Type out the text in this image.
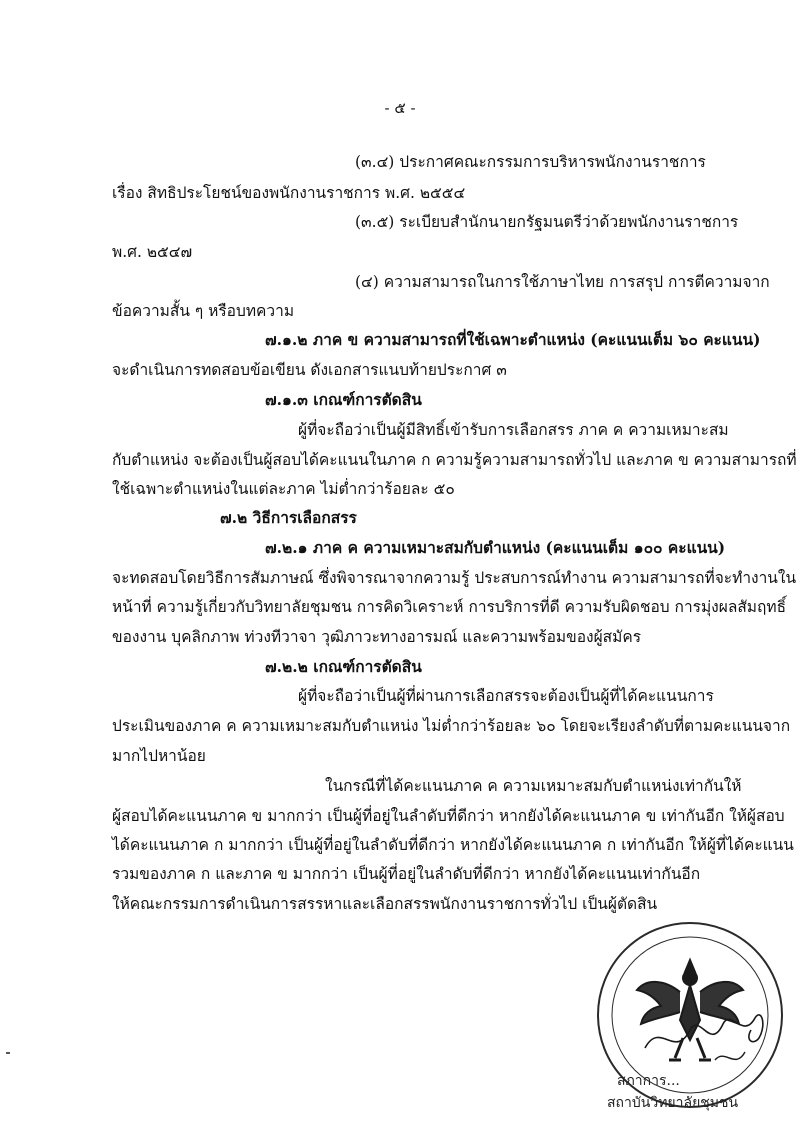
- ๕ -
(๓.๔) ประกาศคณะกรรมการบริหารพนักงานราชการ
เรื่อง สิทธิประโยชน์ของพนักงานราชการ พ.ศ. ๒๕๕๔
(๓.๕) ระเบียบสำนักนายกรัฐมนตรีว่าด้วยพนักงานราชการ
พ.ศ. ๒๕๔๗
(๔) ความสามารถในการใช้ภาษาไทย การสรุป การตีความจาก
ข้อความสั้น ๆ หรือบทความ
๗.๑.๒ ภาค ข ความสามารถที่ใช้เฉพาะตำแหน่ง (คะแนนเต็ม ๖๐ คะแนน)
จะดำเนินการทดสอบข้อเขียน ดังเอกสารแนบท้ายประกาศ ๓
๗.๑.๓ เกณฑ์การตัดสิน
ผู้ที่จะถือว่าเป็นผู้มีสิทธิ์เข้ารับการเลือกสรร ภาค ค ความเหมาะสม
กับตำแหน่ง จะต้องเป็นผู้สอบได้คะแนนในภาค ก ความรู้ความสามารถทั่วไป และภาค ข ความสามารถที่
ใช้เฉพาะตำแหน่งในแต่ละภาค ไม่ต่ำกว่าร้อยละ ๕๐
๗.๒ วิธีการเลือกสรร
๗.๒.๑ ภาค ค ความเหมาะสมกับตำแหน่ง (คะแนนเต็ม ๑๐๐ คะแนน)
จะทดสอบโดยวิธีการสัมภาษณ์ ซึ่งพิจารณาจากความรู้ ประสบการณ์ทำงาน ความสามารถที่จะทำงานใน
หน้าที่ ความรู้เกี่ยวกับวิทยาลัยชุมชน การคิดวิเคราะห์ การบริการที่ดี ความรับผิดชอบ การมุ่งผลสัมฤทธิ์
ของงาน บุคลิกภาพ ท่วงทีวาจา วุฒิภาวะทางอารมณ์ และความพร้อมของผู้สมัคร
๗.๒.๒ เกณฑ์การตัดสิน
ผู้ที่จะถือว่าเป็นผู้ที่ผ่านการเลือกสรรจะต้องเป็นผู้ที่ได้คะแนนการ
ประเมินของภาค ค ความเหมาะสมกับตำแหน่ง ไม่ต่ำกว่าร้อยละ ๖๐ โดยจะเรียงลำดับที่ตามคะแนนจาก
มากไปหาน้อย
ในกรณีที่ได้คะแนนภาค ค ความเหมาะสมกับตำแหน่งเท่ากันให้
ผู้สอบได้คะแนนภาค ข มากกว่า เป็นผู้ที่อยู่ในลำดับที่ดีกว่า หากยังได้คะแนนภาค ข เท่ากันอีก ให้ผู้สอบ
ได้คะแนนภาค ก มากกว่า เป็นผู้ที่อยู่ในลำดับที่ดีกว่า หากยังได้คะแนนภาค ก เท่ากันอีก ให้ผู้ที่ได้คะแนน
รวมของภาค ก และภาค ข มากกว่า เป็นผู้ที่อยู่ในลำดับที่ดีกว่า หากยังได้คะแนนเท่ากันอีก
ให้คณะกรรมการดำเนินการสรรหาและเลือกสรรพนักงานราชการทั่วไป เป็นผู้ตัดสิน
สภาการ...
สถาบันวิทยาลัยชุมชน
